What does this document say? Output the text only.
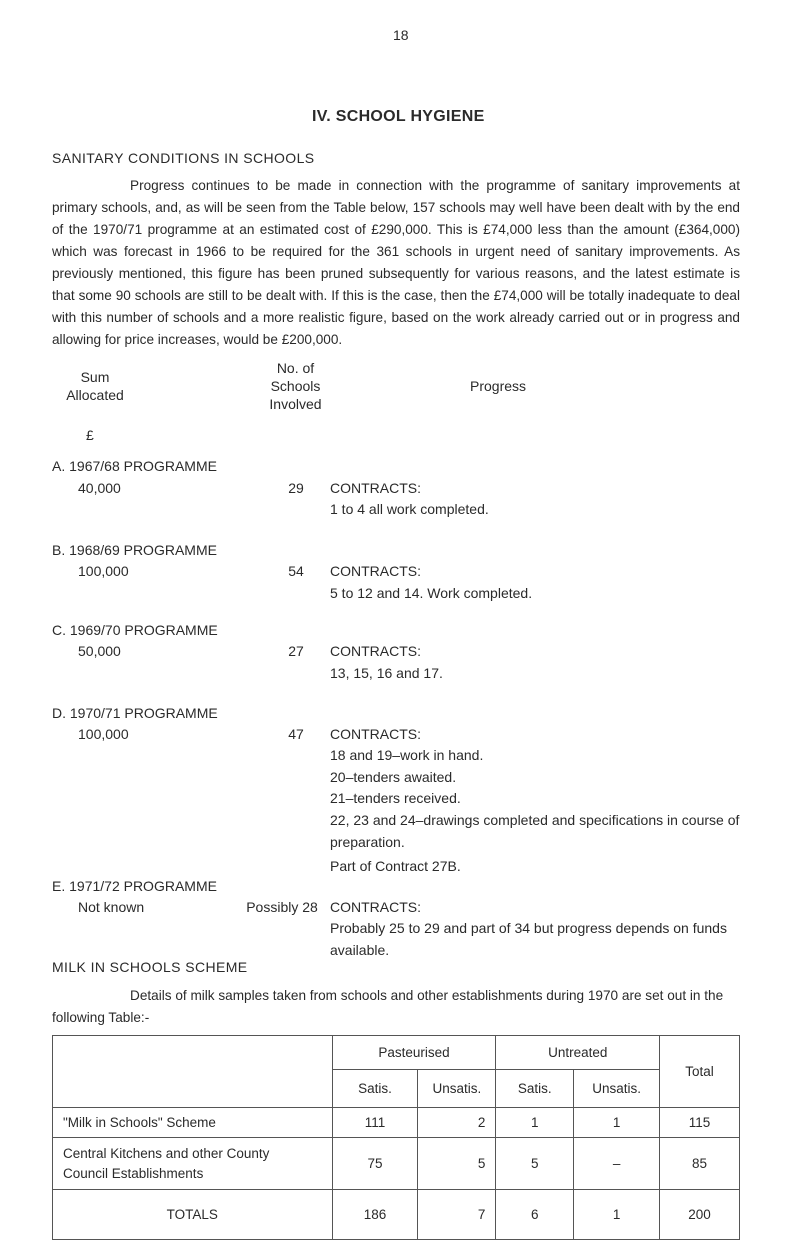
18
IV. SCHOOL HYGIENE
SANITARY CONDITIONS IN SCHOOLS
Progress continues to be made in connection with the programme of sanitary improvements at primary schools, and, as will be seen from the Table below, 157 schools may well have been dealt with by the end of the 1970/71 programme at an estimated cost of £290,000. This is £74,000 less than the amount (£364,000) which was forecast in 1966 to be required for the 361 schools in urgent need of sanitary improvements. As previously mentioned, this figure has been pruned subsequently for various reasons, and the latest estimate is that some 90 schools are still to be dealt with. If this is the case, then the £74,000 will be totally inadequate to deal with this number of schools and a more realistic figure, based on the work already carried out or in progress and allowing for price increases, would be £200,000.
Sum
Allocated
No. of
Schools
Involved
Progress
£
A. 1967/68 PROGRAMME
40,000	29	CONTRACTS:
1 to 4 all work completed.
B. 1968/69 PROGRAMME
100,000	54	CONTRACTS:
5 to 12 and 14. Work completed.
C. 1969/70 PROGRAMME
50,000	27	CONTRACTS:
13, 15, 16 and 17.
D. 1970/71 PROGRAMME
100,000	47	CONTRACTS:
18 and 19–work in hand.
20–tenders awaited.
21–tenders received.
22, 23 and 24–drawings completed and specifications in course of preparation.
Part of Contract 27B.
E. 1971/72 PROGRAMME
Not known	Possibly 28 CONTRACTS:
Probably 25 to 29 and part of 34 but progress depends on funds available.
MILK IN SCHOOLS SCHEME
Details of milk samples taken from schools and other establishments during 1970 are set out in the following Table:-
	Pasteurised		Untreated		Total
	Satis.	Unsatis.	Satis.	Unsatis.	
"Milk in Schools" Scheme	111	2	1	1	115
Central Kitchens and other County Council Establishments	75	5	5	–	85
TOTALS	186	7	6	1	200
